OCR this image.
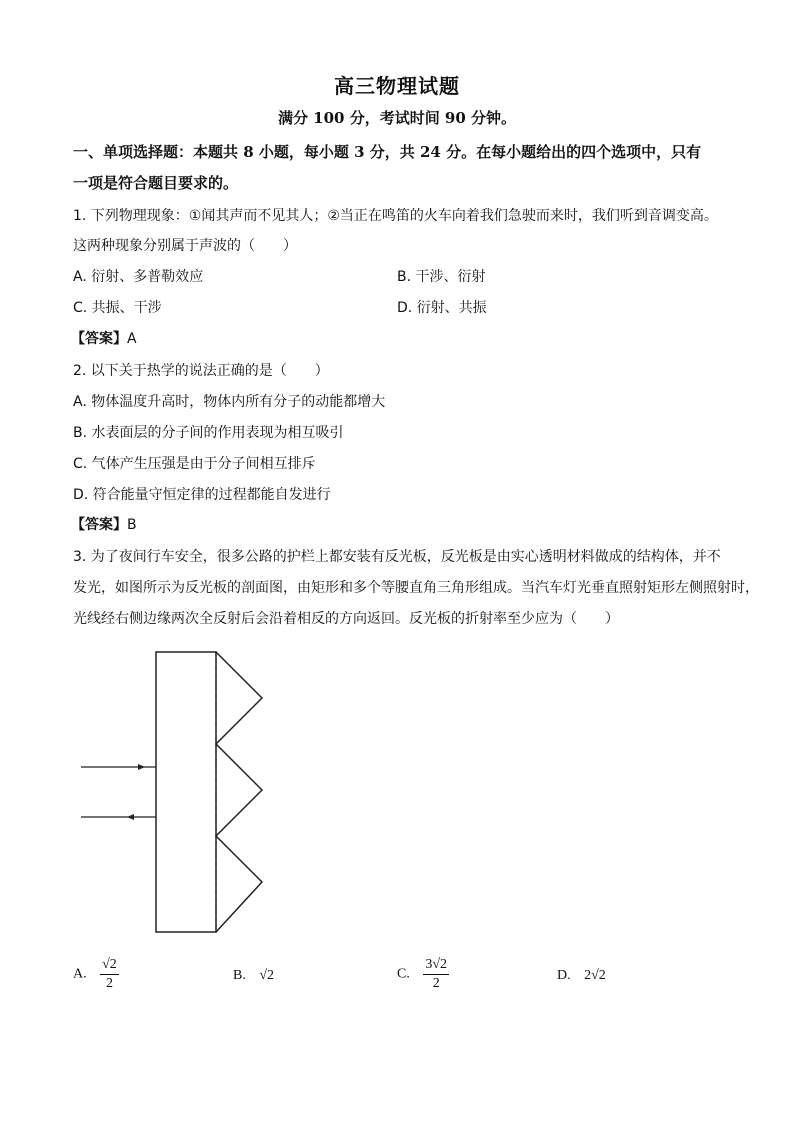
高三物理试题
满分 100 分，考试时间 90 分钟。
一、单项选择题：本题共 8 小题，每小题 3 分，共 24 分。在每小题给出的四个选项中，只有
一项是符合题目要求的。
1. 下列物理现象：①闻其声而不见其人；②当正在鸣笛的火车向着我们急驶而来时，我们听到音调变高。
这两种现象分别属于声波的（　　）
A. 衍射、多普勒效应	B. 干涉、衍射
C. 共振、干涉	D. 衍射、共振
【答案】A
2. 以下关于热学的说法正确的是（　　）
A. 物体温度升高时，物体内所有分子的动能都增大
B. 水表面层的分子间的作用表现为相互吸引
C. 气体产生压强是由于分子间相互排斥
D. 符合能量守恒定律的过程都能自发进行
【答案】B
3. 为了夜间行车安全，很多公路的护栏上都安装有反光板，反光板是由实心透明材料做成的结构体，并不
发光，如图所示为反光板的剖面图，由矩形和多个等腰直角三角形组成。当汽车灯光垂直照射矩形左侧照射时，
光线经右侧边缘两次全反射后会沿着相反的方向返回。反光板的折射率至少应为（　　）
A. $\frac{√2}{2}$	B. √2	C. $\frac{3√2}{2}$	D. 2√2
